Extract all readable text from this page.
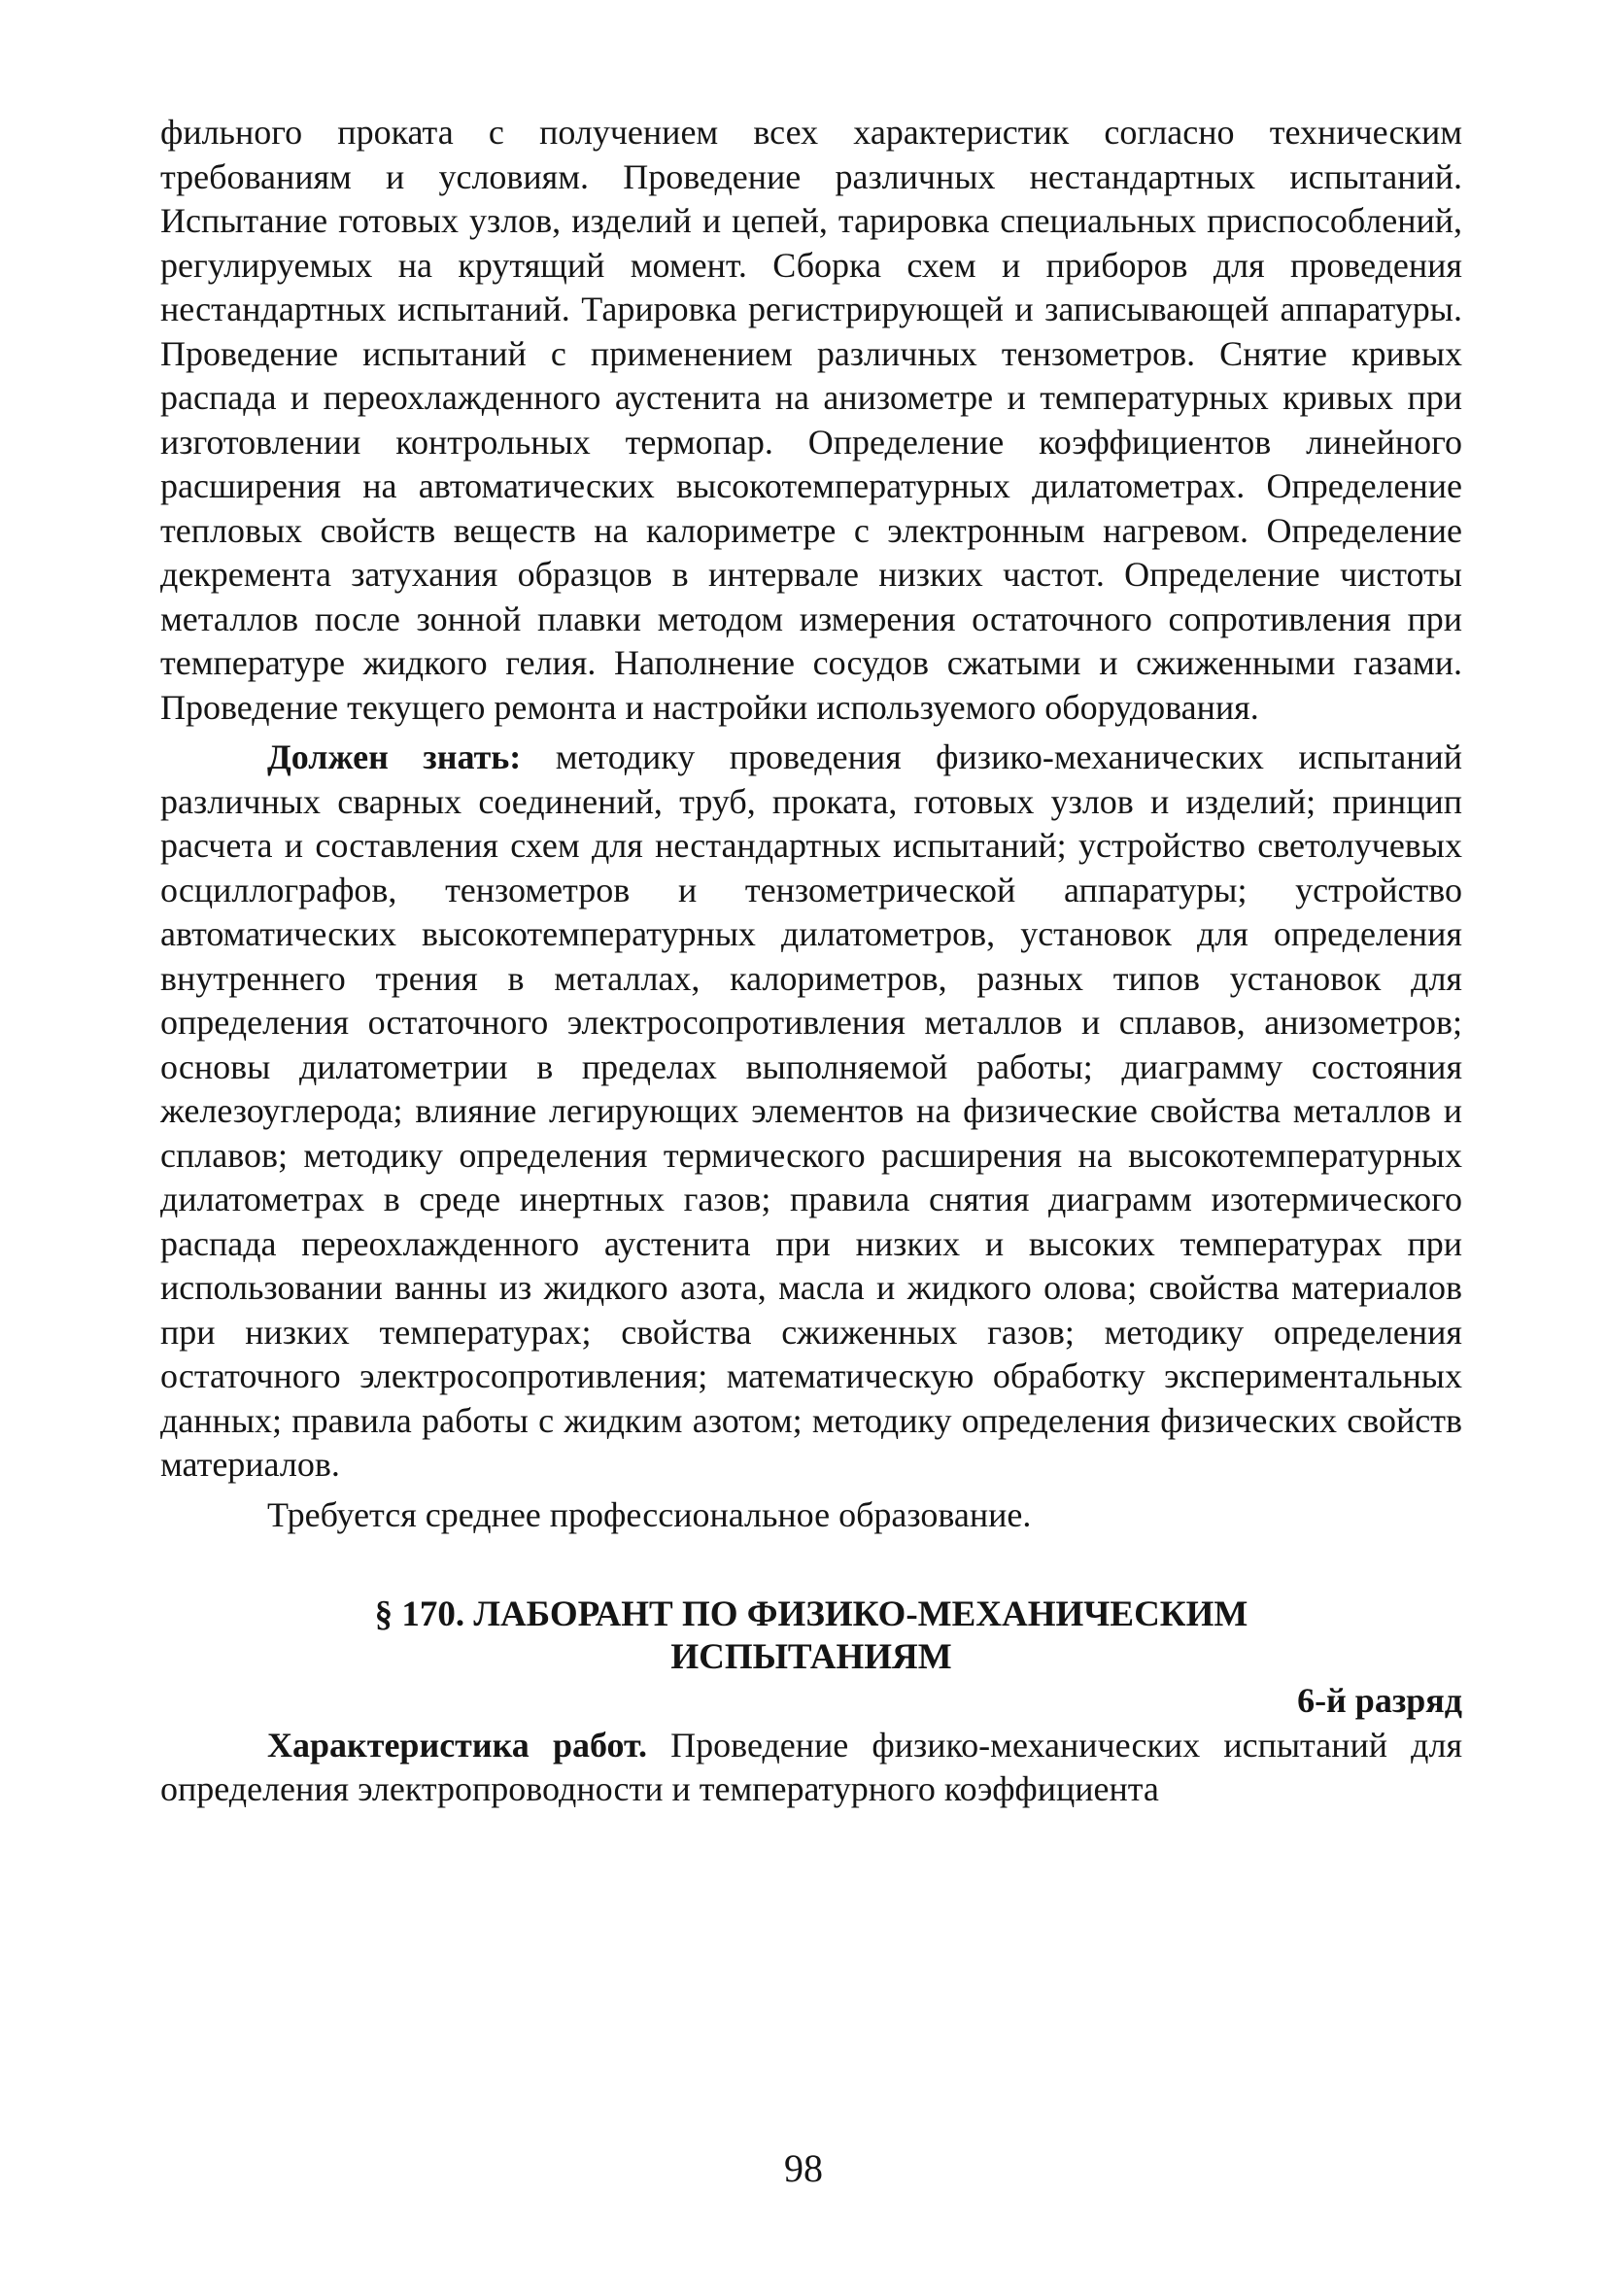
фильного проката с получением всех характеристик согласно техническим требованиям и условиям. Проведение различных нестандартных испытаний. Испытание готовых узлов, изделий и цепей, тарировка специальных приспособлений, регулируемых на крутящий момент. Сборка схем и приборов для проведения нестандартных испытаний. Тарировка регистрирующей и записывающей аппаратуры. Проведение испытаний с применением различных тензометров. Снятие кривых распада и переохлажденного аустенита на анизометре и температурных кривых при изготовлении контрольных термопар. Определение коэффициентов линейного расширения на автоматических высокотемпературных дилатометрах. Определение тепловых свойств веществ на калориметре с электронным нагревом. Определение декремента затухания образцов в интервале низких частот. Определение чистоты металлов после зонной плавки методом измерения остаточного сопротивления при температуре жидкого гелия. Наполнение сосудов сжатыми и сжиженными газами. Проведение текущего ремонта и настройки используемого оборудования.

Должен знать: методику проведения физико-механических испытаний различных сварных соединений, труб, проката, готовых узлов и изделий; принцип расчета и составления схем для нестандартных испытаний; устройство светолучевых осциллографов, тензометров и тензометрической аппаратуры; устройство автоматических высокотемпературных дилатометров, установок для определения внутреннего трения в металлах, калориметров, разных типов установок для определения остаточного электросопротивления металлов и сплавов, анизометров; основы дилатометрии в пределах выполняемой работы; диаграмму состояния железоуглерода; влияние легирующих элементов на физические свойства металлов и сплавов; методику определения термического расширения на высокотемпературных дилатометрах в среде инертных газов; правила снятия диаграмм изотермического распада переохлажденного аустенита при низких и высоких температурах при использовании ванны из жидкого азота, масла и жидкого олова; свойства материалов при низких температурах; свойства сжиженных газов; методику определения остаточного электросопротивления; математическую обработку экспериментальных данных; правила работы с жидким азотом; методику определения физических свойств материалов.

Требуется среднее профессиональное образование.

§ 170. ЛАБОРАНТ ПО ФИЗИКО-МЕХАНИЧЕСКИМ
ИСПЫТАНИЯМ

6-й разряд

Характеристика работ. Проведение физико-механических испытаний для определения электропроводности и температурного коэффициента

98
